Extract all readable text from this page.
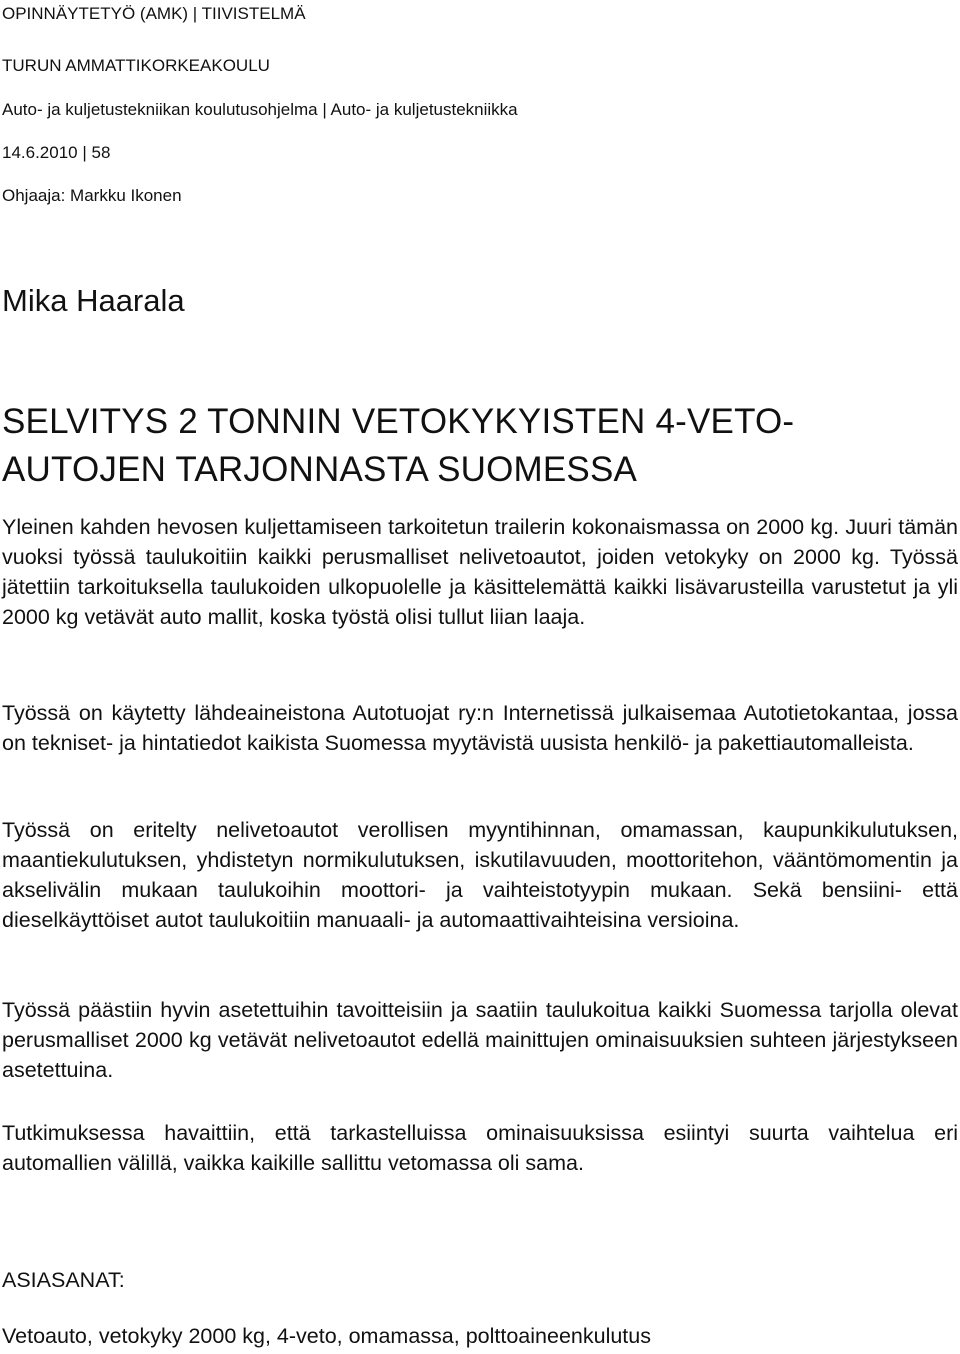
OPINNÄYTETYÖ (AMK) | TIIVISTELMÄ
TURUN AMMATTIKORKEAKOULU
Auto- ja kuljetustekniikan koulutusohjelma | Auto- ja kuljetustekniikka
14.6.2010 | 58
Ohjaaja: Markku Ikonen
Mika Haarala
SELVITYS 2 TONNIN VETOKYKYISTEN 4-VETO-
AUTOJEN TARJONNASTA SUOMESSA
Yleinen kahden hevosen kuljettamiseen tarkoitetun trailerin kokonaismassa on 2000 kg. Juuri tämän vuoksi työssä taulukoitiin kaikki perusmalliset nelivetoautot, joiden vetokyky on 2000 kg. Työssä jätettiin tarkoituksella taulukoiden ulkopuolelle ja käsittelemättä kaikki lisävarusteilla varustetut ja yli 2000 kg vetävät auto mallit, koska työstä olisi tullut liian laaja.
Työssä on käytetty lähdeaineistona Autotuojat ry:n Internetissä julkaisemaa Autotietokantaa, jossa on tekniset- ja hintatiedot kaikista Suomessa myytävistä uusista henkilö- ja pakettiautomalleista.
Työssä on eritelty nelivetoautot verollisen myyntihinnan, omamassan, kaupunkikulutuksen, maantiekulutuksen, yhdistetyn normikulutuksen, iskutilavuuden, moottoritehon, vääntömomentin ja akselivälin mukaan taulukoihin moottori- ja vaihteistotyypin mukaan. Sekä bensiini- että dieselkäyttöiset autot taulukoitiin manuaali- ja automaattivaihteisina versioina.
Työssä päästiin hyvin asetettuihin tavoitteisiin ja saatiin taulukoitua kaikki Suomessa tarjolla olevat perusmalliset 2000 kg vetävät nelivetoautot edellä mainittujen ominaisuuksien suhteen järjestykseen asetettuina.
Tutkimuksessa havaittiin, että tarkastelluissa ominaisuuksissa esiintyi suurta vaihtelua eri automallien välillä, vaikka kaikille sallittu vetomassa oli sama.
ASIASANAT:
Vetoauto, vetokyky 2000 kg, 4-veto, omamassa, polttoaineenkulutus
